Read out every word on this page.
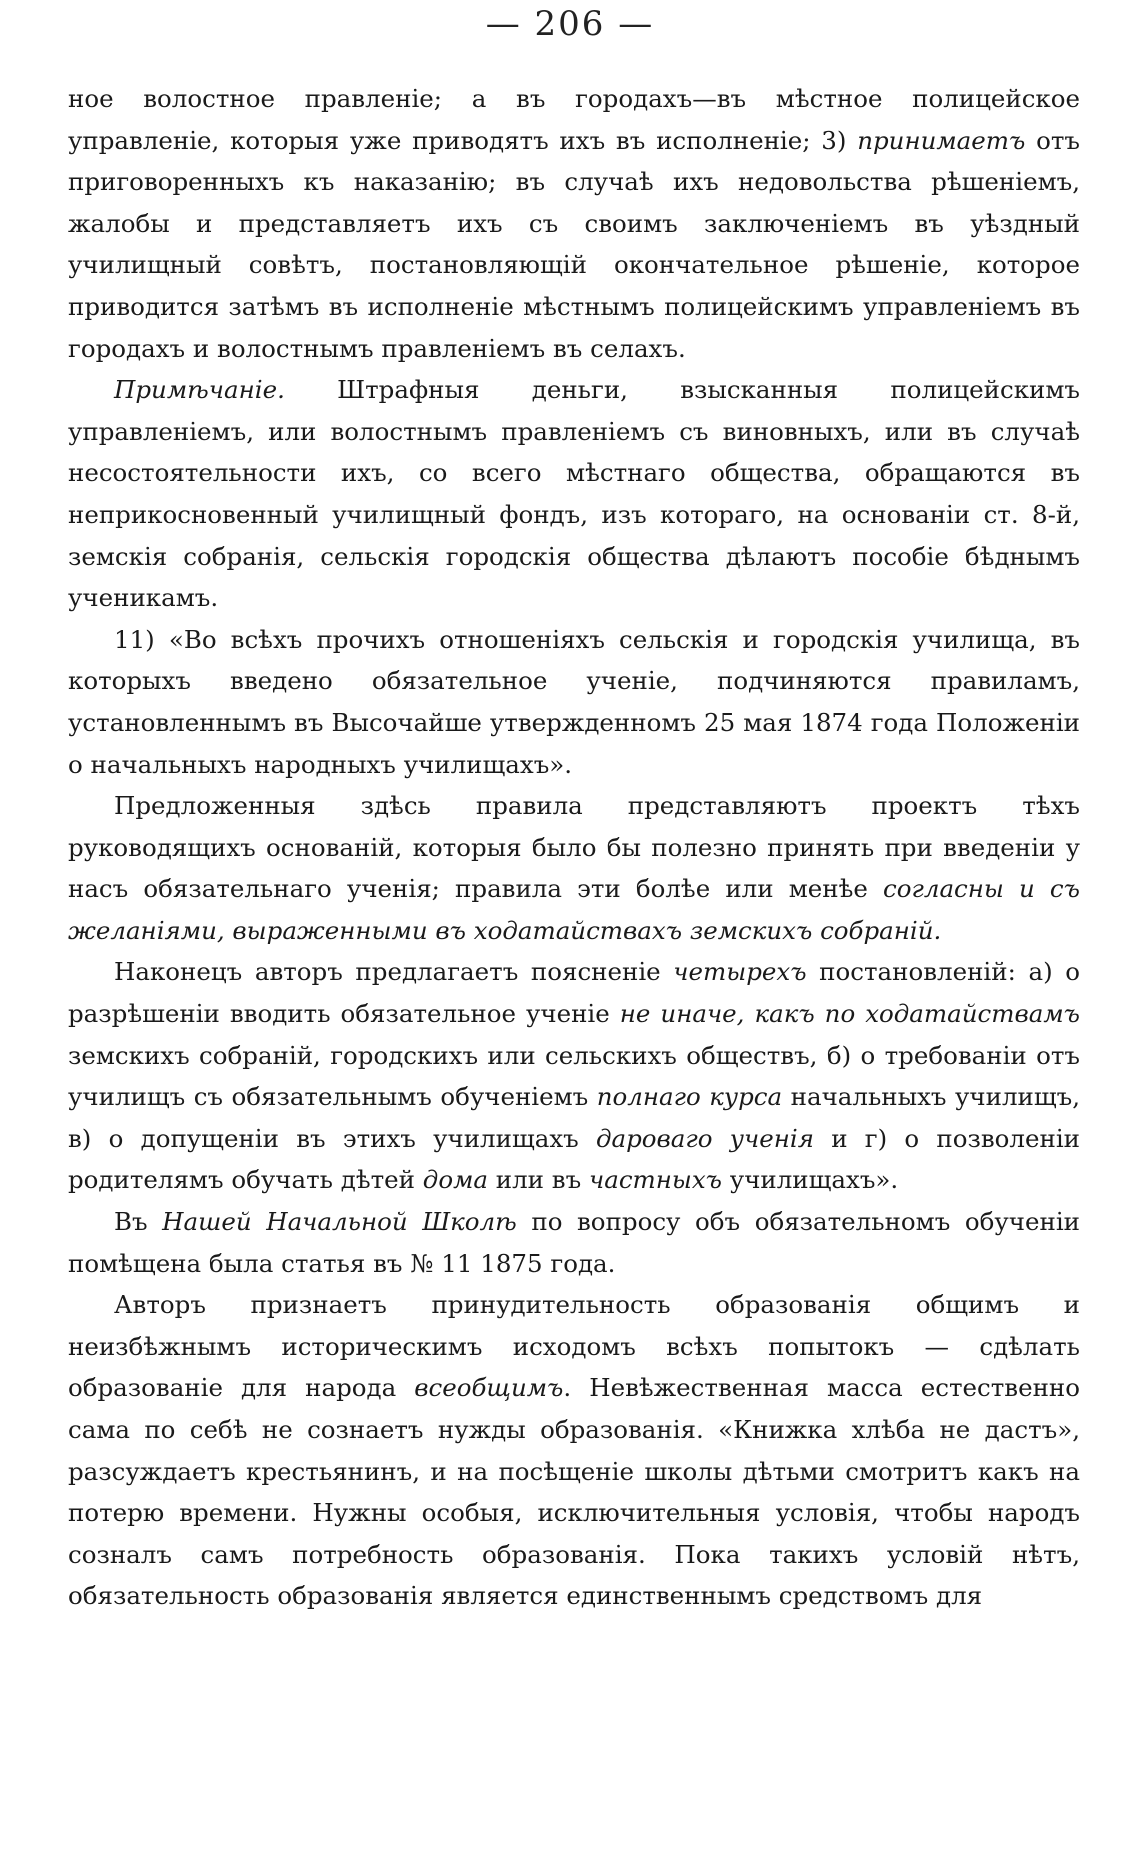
— 206 —

ное волостное правленіе; а въ городахъ—въ мѣстное полицейское управленіе, которыя уже приводятъ ихъ въ исполненіе; 3) принимаетъ отъ приговоренныхъ къ наказанію; въ случаѣ ихъ недовольства рѣшеніемъ, жалобы и представляетъ ихъ съ своимъ заключеніемъ въ уѣздный училищный совѣтъ, постановляющій окончательное рѣшеніе, которое приводится затѣмъ въ исполненіе мѣстнымъ полицейскимъ управленіемъ въ городахъ и волостнымъ правленіемъ въ селахъ.

Примѣчаніе. Штрафныя деньги, взысканныя полицейскимъ управленіемъ, или волостнымъ правленіемъ съ виновныхъ, или въ случаѣ несостоятельности ихъ, со всего мѣстнаго общества, обращаются въ неприкосновенный училищный фондъ, изъ котораго, на основаніи ст. 8-й, земскія собранія, сельскія городскія общества дѣлаютъ пособіе бѣднымъ ученикамъ.

11) «Во всѣхъ прочихъ отношеніяхъ сельскія и городскія училища, въ которыхъ введено обязательное ученіе, подчиняются правиламъ, установленнымъ въ Высочайше утвержденномъ 25 мая 1874 года Положеніи о начальныхъ народныхъ училищахъ».

Предложенныя здѣсь правила представляютъ проектъ тѣхъ руководящихъ основаній, которыя было бы полезно принять при введеніи у насъ обязательнаго ученія; правила эти болѣе или менѣе согласны и съ желаніями, выраженными въ ходатайствахъ земскихъ собраній.

Наконецъ авторъ предлагаетъ поясненіе четырехъ постановленій: а) о разрѣшеніи вводить обязательное ученіе не иначе, какъ по ходатайствамъ земскихъ собраній, городскихъ или сельскихъ обществъ, б) о требованіи отъ училищъ съ обязательнымъ обученіемъ полнаго курса начальныхъ училищъ, в) о допущеніи въ этихъ училищахъ дароваго ученія и г) о позволеніи родителямъ обучать дѣтей дома или въ частныхъ училищахъ».

Въ Нашей Начальной Школѣ по вопросу объ обязательномъ обученіи помѣщена была статья въ № 11 1875 года.

Авторъ признаетъ принудительность образованія общимъ и неизбѣжнымъ историческимъ исходомъ всѣхъ попытокъ — сдѣлать образованіе для народа всеобщимъ. Невѣжественная масса естественно сама по себѣ не сознаетъ нужды образованія. «Книжка хлѣба не дастъ», разсуждаетъ крестьянинъ, и на посѣщеніе школы дѣтьми смотритъ какъ на потерю времени. Нужны особыя, исключительныя условія, чтобы народъ созналъ самъ потребность образованія. Пока такихъ условій нѣтъ, обязательность образованія является единственнымъ средствомъ для
